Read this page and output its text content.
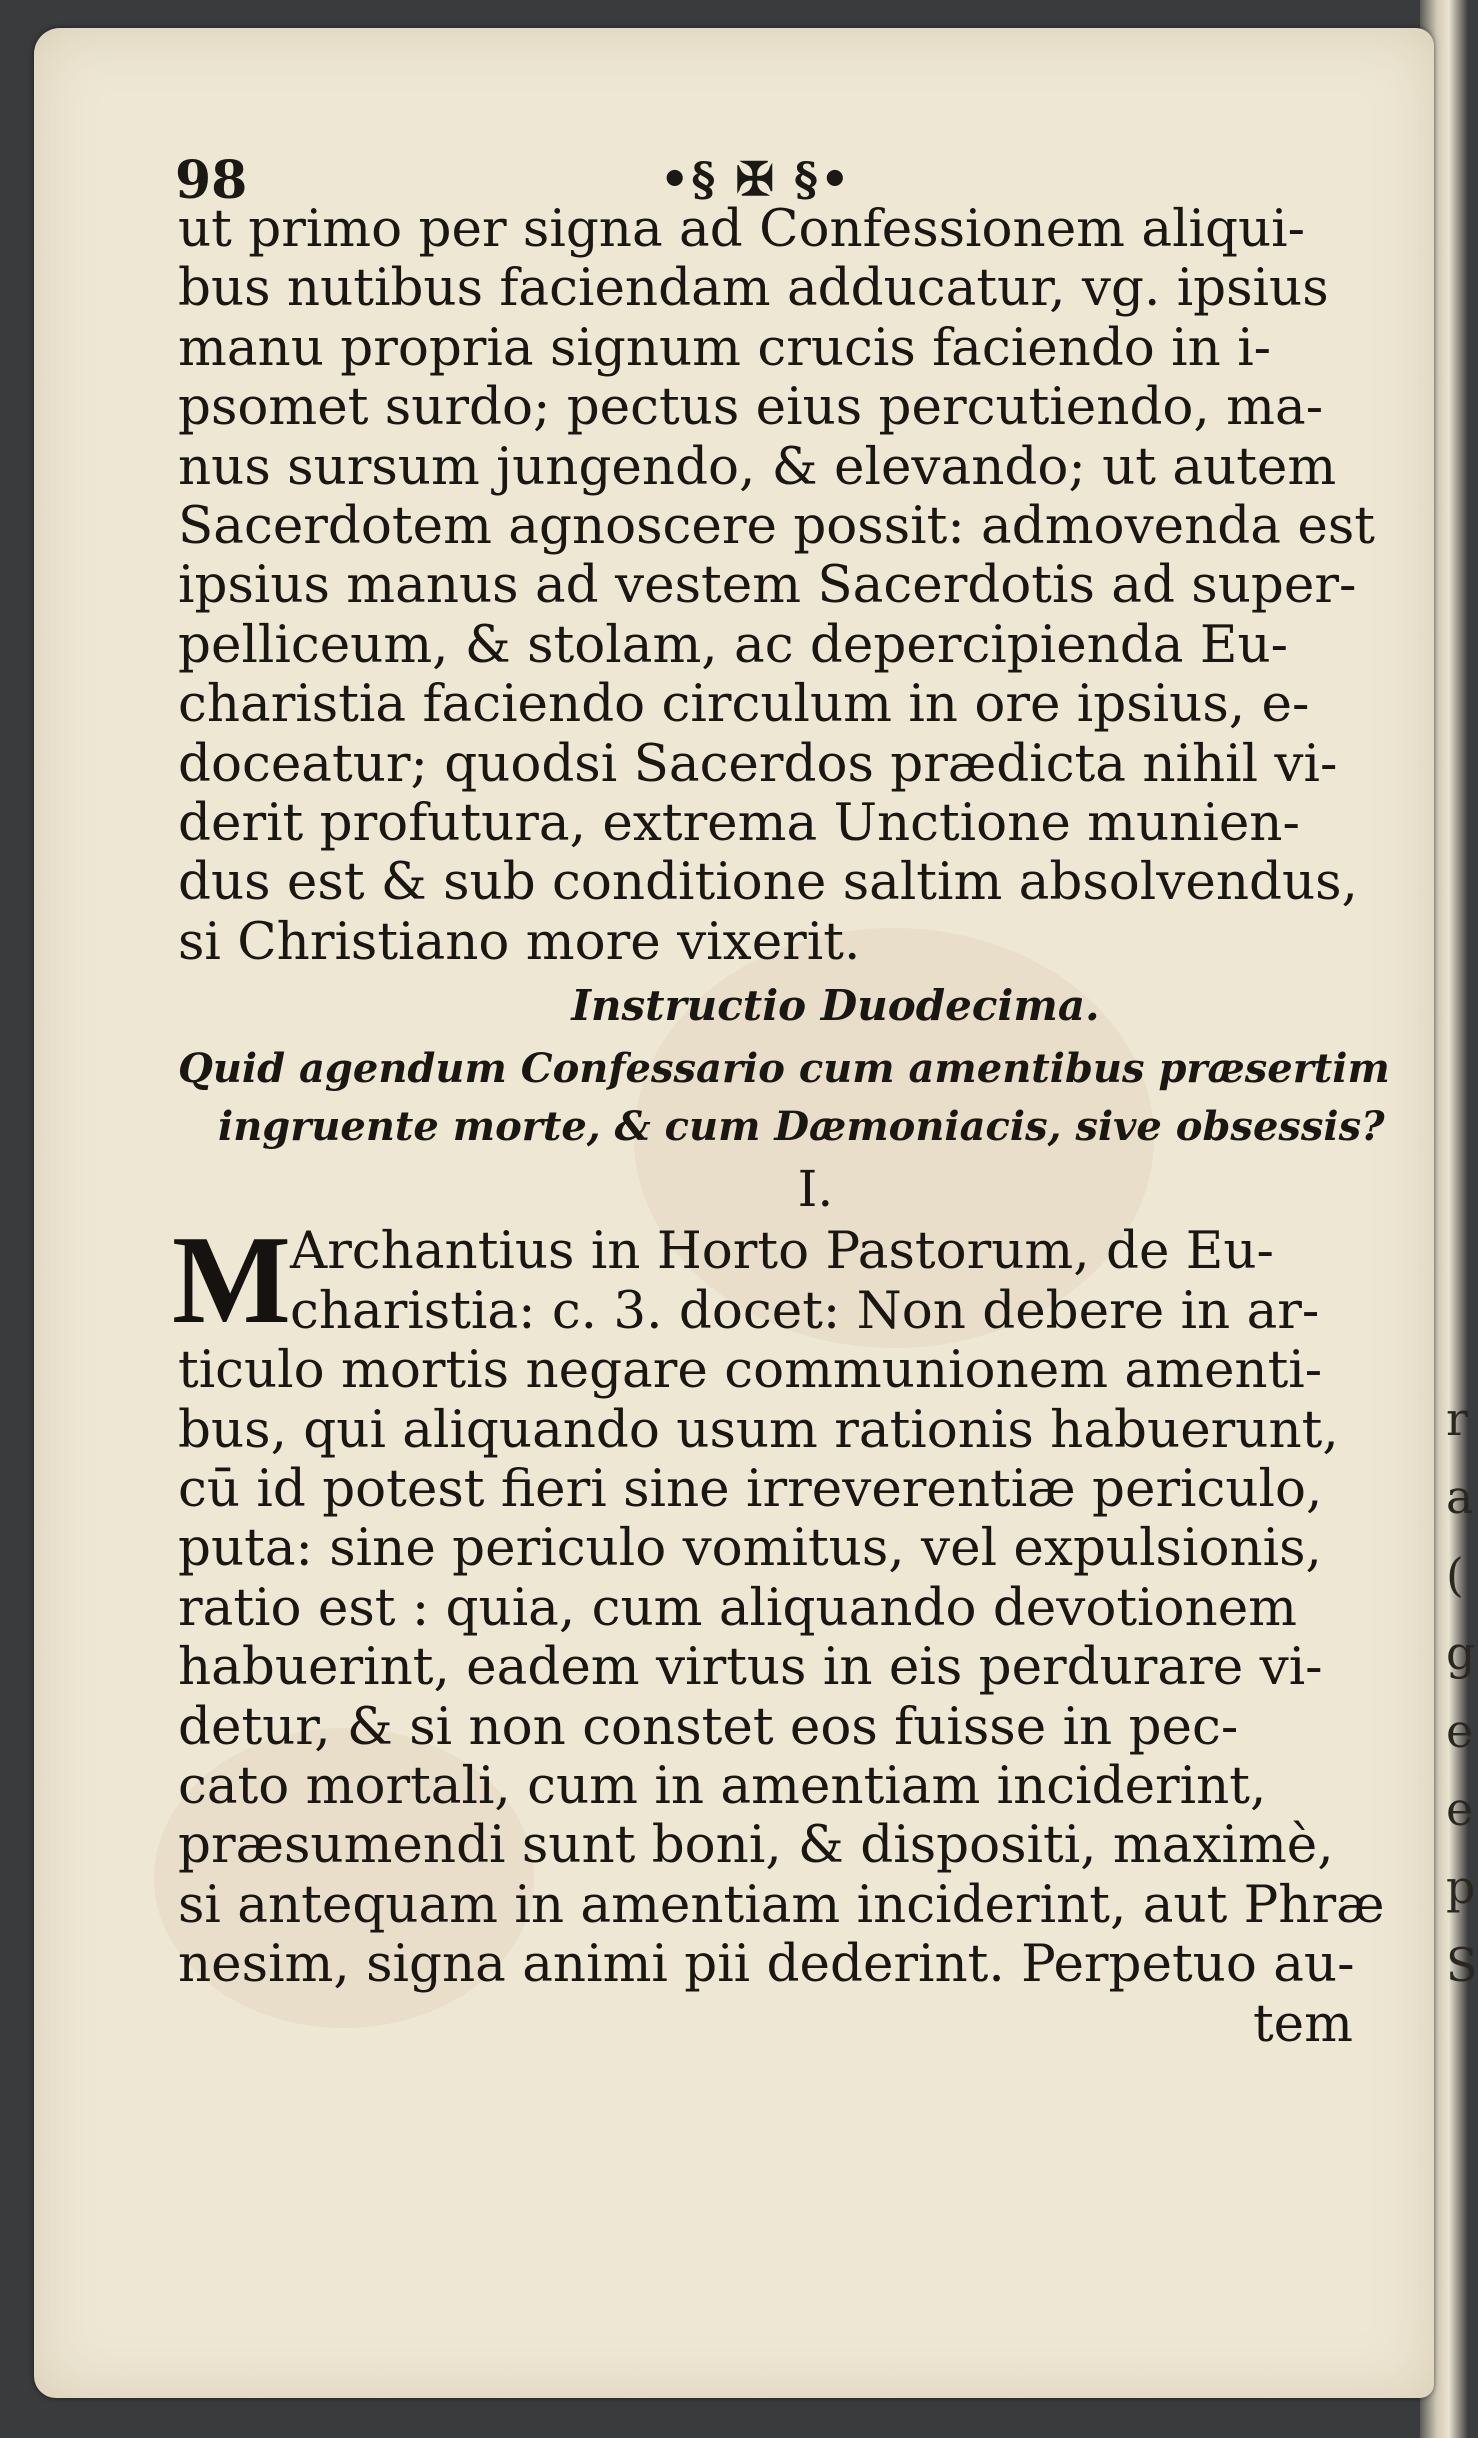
r
a
(
g
e
e
p
S
98	•§ ✠ §•
ut primo per signa ad Confessionem aliqui-
bus nutibus faciendam adducatur, vg. ipsius
manu propria signum crucis faciendo in i-
psomet surdo; pectus eius percutiendo, ma-
nus sursum jungendo, & elevando; ut autem
Sacerdotem agnoscere possit: admovenda est
ipsius manus ad vestem Sacerdotis ad super-
pelliceum, & stolam, ac depercipienda Eu-
charistia faciendo circulum in ore ipsius, e-
doceatur; quodsi Sacerdos prædicta nihil vi-
derit profutura, extrema Unctione munien-
dus est & sub conditione saltim absolvendus,
si Christiano more vixerit.
Instructio Duodecima.
Quid agendum Confessario cum amentibus præsertim
ingruente morte, & cum Dæmoniacis, sive obsessis?
I.
M Archantius in Horto Pastorum, de Eu-
charistia: c. 3. docet: Non debere in ar-
ticulo mortis negare communionem amenti-
bus, qui aliquando usum rationis habuerunt,
cū id potest fieri sine irreverentiæ periculo,
puta: sine periculo vomitus, vel expulsionis,
ratio est : quia, cum aliquando devotionem
habuerint, eadem virtus in eis perdurare vi-
detur, & si non constet eos fuisse in pec-
cato mortali, cum in amentiam inciderint,
præsumendi sunt boni, & dispositi, maximè,
si antequam in amentiam inciderint, aut Phræ
nesim, signa animi pii dederint. Perpetuo au-
tem
